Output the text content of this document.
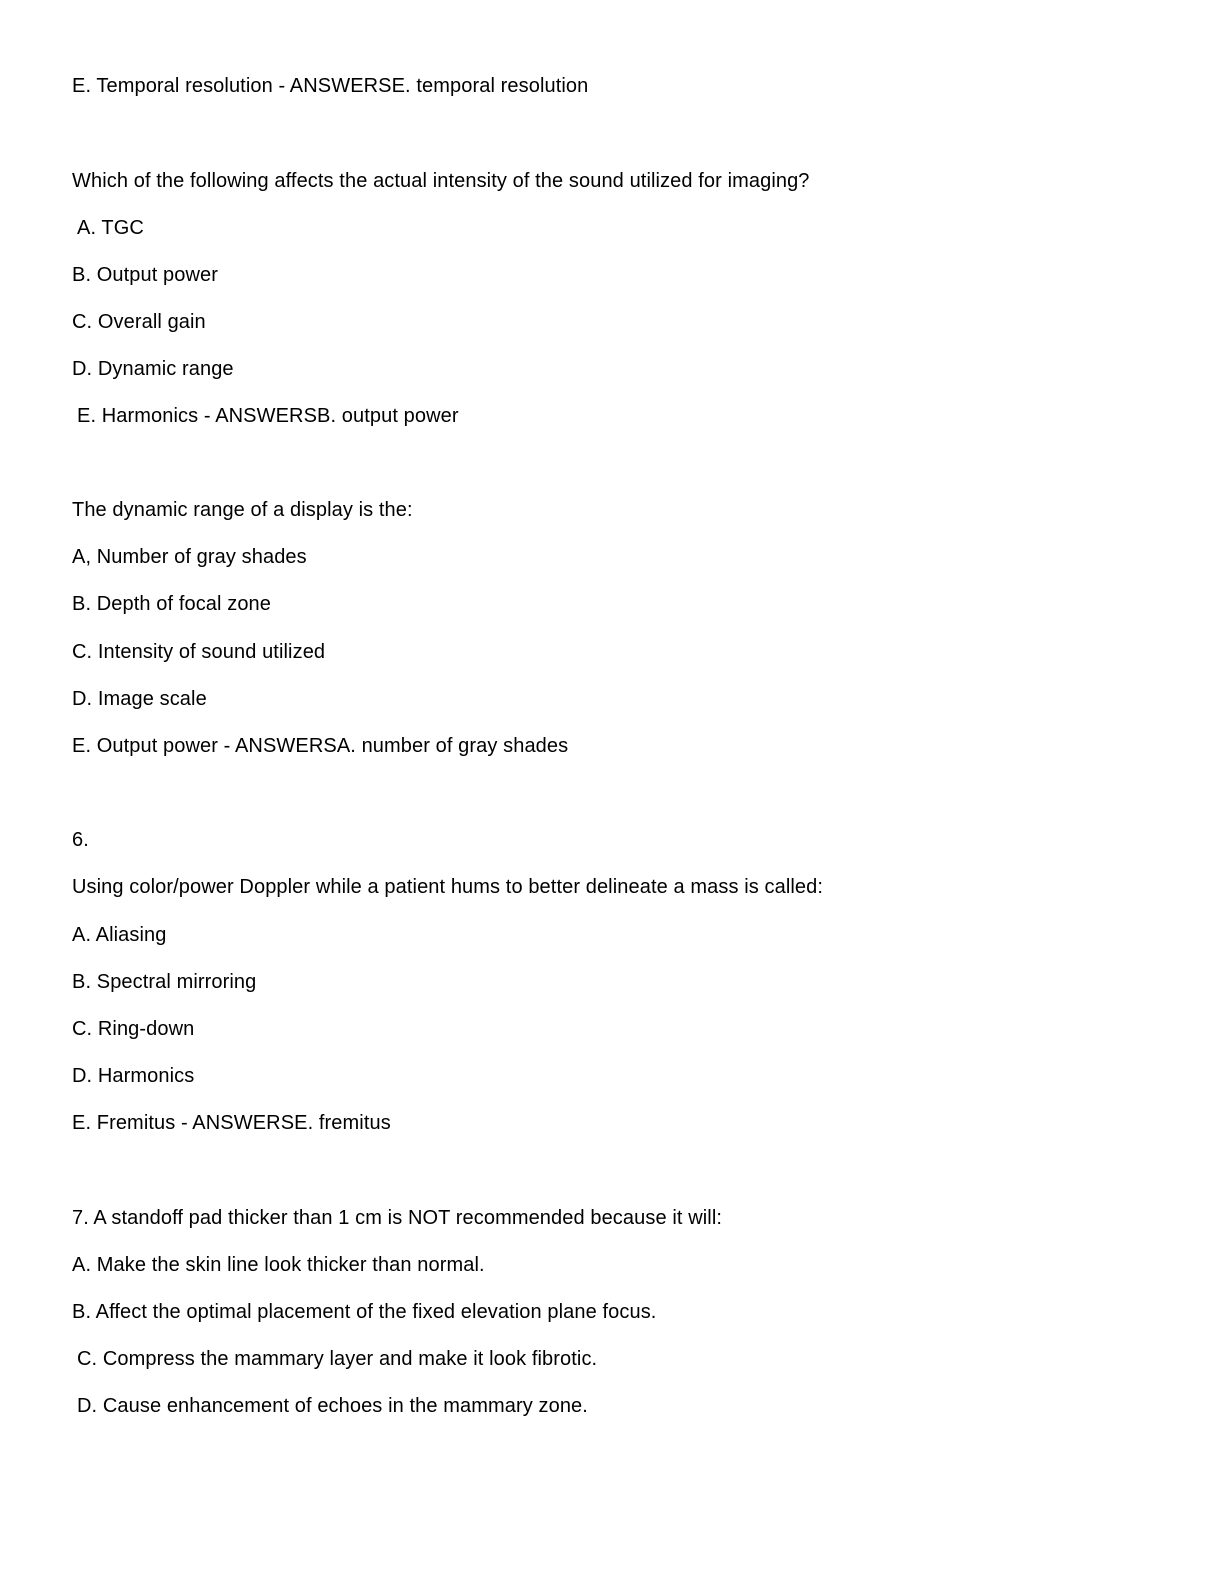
E. Temporal resolution - ANSWERSE. temporal resolution
Which of the following affects the actual intensity of the sound utilized for imaging?
A. TGC
B. Output power
C. Overall gain
D. Dynamic range
E. Harmonics - ANSWERSB. output power
The dynamic range of a display is the:
A, Number of gray shades
B. Depth of focal zone
C. Intensity of sound utilized
D. Image scale
E. Output power - ANSWERSA. number of gray shades
6.
Using color/power Doppler while a patient hums to better delineate a mass is called:
A. Aliasing
B. Spectral mirroring
C. Ring-down
D. Harmonics
E. Fremitus - ANSWERSE. fremitus
7. A standoff pad thicker than 1 cm is NOT recommended because it will:
A. Make the skin line look thicker than normal.
B. Affect the optimal placement of the fixed elevation plane focus.
C. Compress the mammary layer and make it look fibrotic.
D. Cause enhancement of echoes in the mammary zone.
